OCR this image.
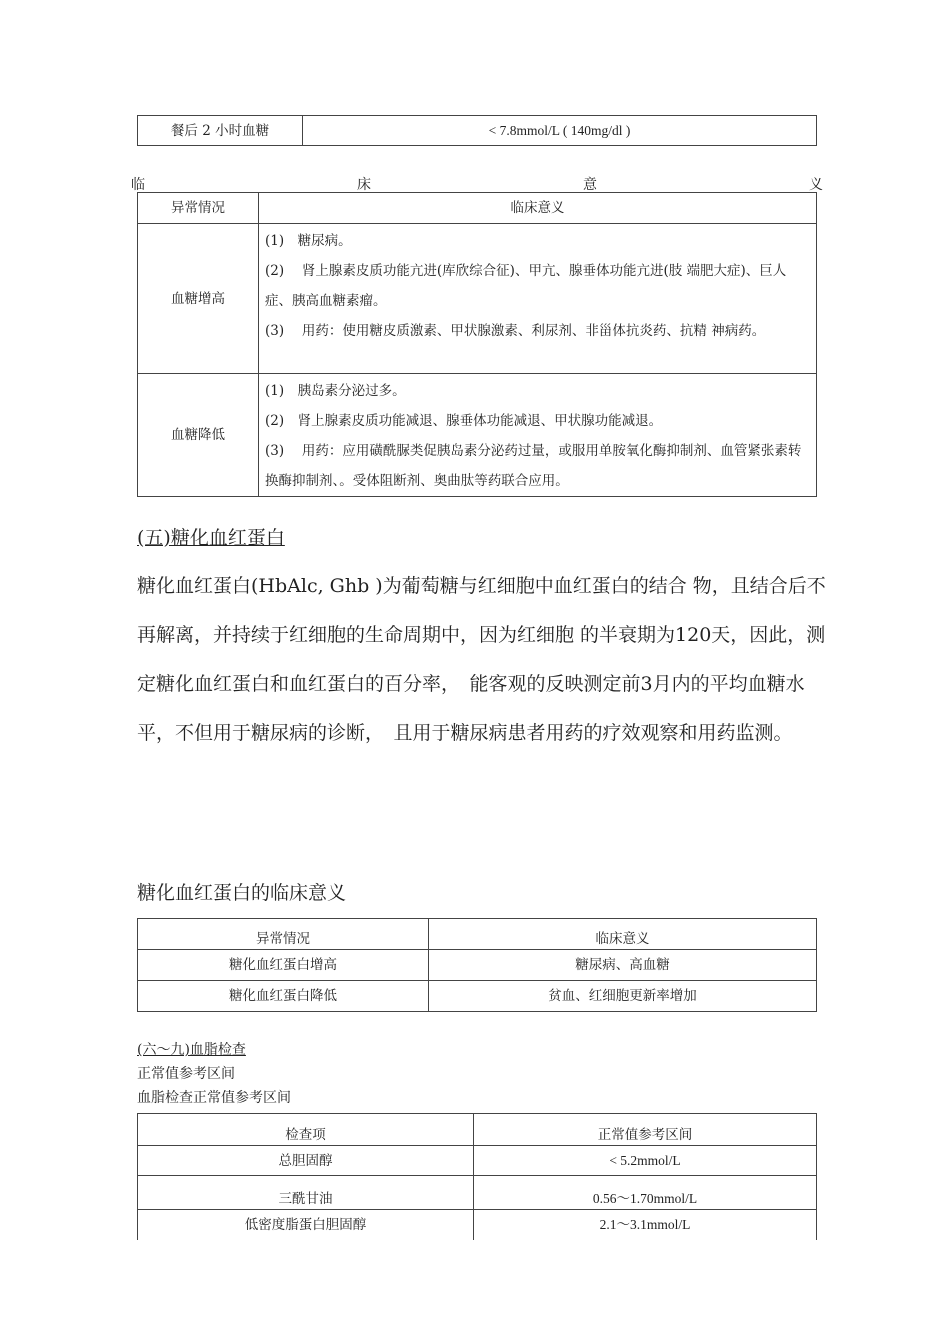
餐后 2 小时血糖	< 7.8mmol/L ( 140mg/dl )
临	床	意	义
异常情况	临床意义
血糖增高	(1)　糖尿病。
(2)　 肾上腺素皮质功能亢进(库欣综合征)、甲亢、腺垂体功能亢进(肢 端肥大症)、巨人症、胰高血糖素瘤。
(3)　 用药：使用糖皮质激素、甲状腺激素、利尿剂、非甾体抗炎药、抗精 神病药。

血糖降低	(1)　胰岛素分泌过多。
(2)　肾上腺素皮质功能减退、腺垂体功能减退、甲状腺功能减退。
(3)　 用药：应用磺酰脲类促胰岛素分泌药过量，或服用单胺氧化酶抑制剂、血管紧张素转换酶抑制剂、。受体阻断剂、奥曲肽等药联合应用。
(五)糖化血红蛋白
糖化血红蛋白(HbAlc, Ghb )为葡萄糖与红细胞中血红蛋白的结合 物，且结合后不再解离，并持续于红细胞的生命周期中，因为红细胞 的半衰期为120天，因此，测定糖化血红蛋白和血红蛋白的百分率，　能客观的反映测定前3月内的平均血糖水平，不但用于糖尿病的诊断，　且用于糖尿病患者用药的疗效观察和用药监测。
糖化血红蛋白的临床意义
异常情况	临床意义
糖化血红蛋白增高	糖尿病、高血糖
糖化血红蛋白降低	贫血、红细胞更新率增加
(六〜九)血脂检查
正常值参考区间
血脂检查正常值参考区间
检查项	正常值参考区间
总胆固醇	< 5.2mmol/L
三酰甘油	0.56〜1.70mmol/L
低密度脂蛋白胆固醇	2.1〜3.1mmol/L
